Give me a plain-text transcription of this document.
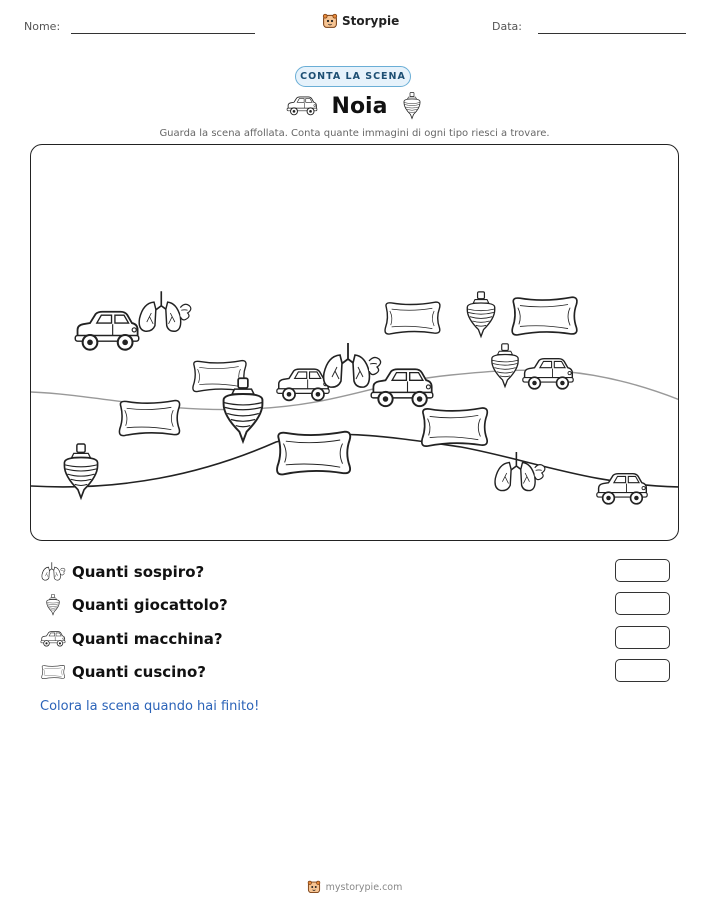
Nome:	Storypie	Data:
CONTA LA SCENA
Noia
Guarda la scena affollata. Conta quante immagini di ogni tipo riesci a trovare.
Quanti sospiro?
Quanti giocattolo?
Quanti macchina?
Quanti cuscino?
Colora la scena quando hai finito!
mystorypie.com
